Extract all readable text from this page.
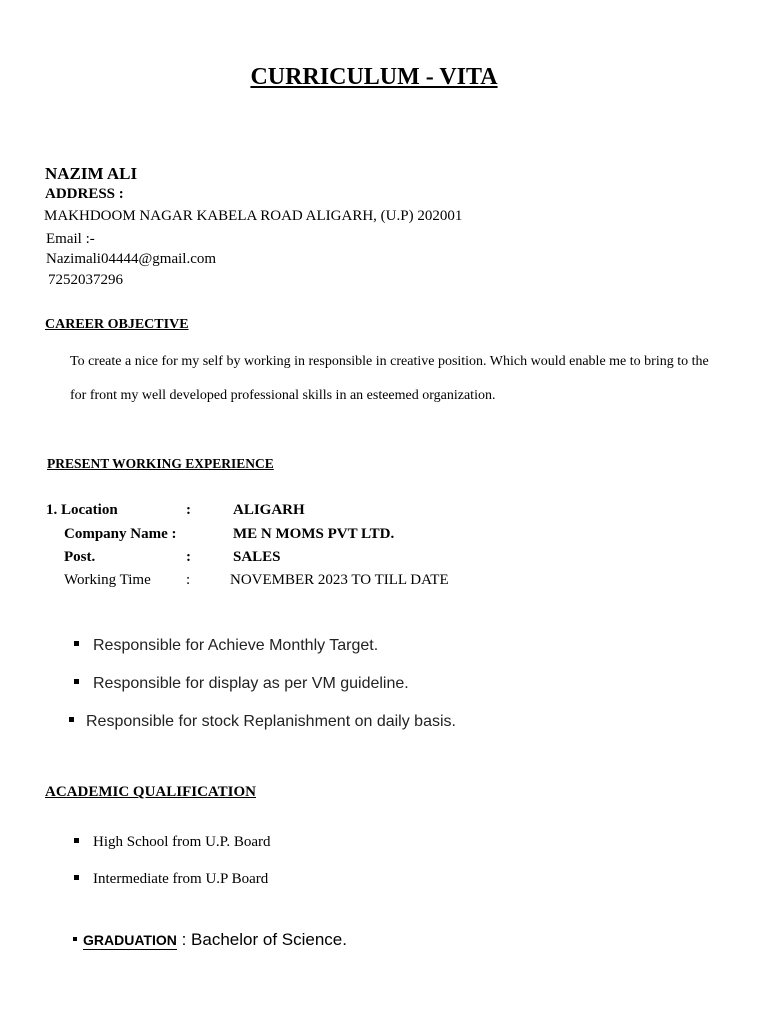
CURRICULUM - VITA
NAZIM ALI
ADDRESS :
MAKHDOOM NAGAR KABELA ROAD ALIGARH, (U.P) 202001
Email :-
Nazimali04444@gmail.com
7252037296
CAREER OBJECTIVE
To create a nice for my self by working in responsible in creative position. Which would enable me to bring to the for front my well developed professional skills in an esteemed organization.
PRESENT WORKING EXPERIENCE
1. Location	:	ALIGARH
Company Name :	ME N MOMS PVT LTD.
Post.	:	SALES
Working Time :	NOVEMBER 2023 TO TILL DATE
Responsible for Achieve Monthly Target.
Responsible for display as per VM guideline.
Responsible for stock Replanishment on daily basis.
ACADEMIC QUALIFICATION
High School from U.P. Board
Intermediate from U.P Board
GRADUATION : Bachelor of Science.
